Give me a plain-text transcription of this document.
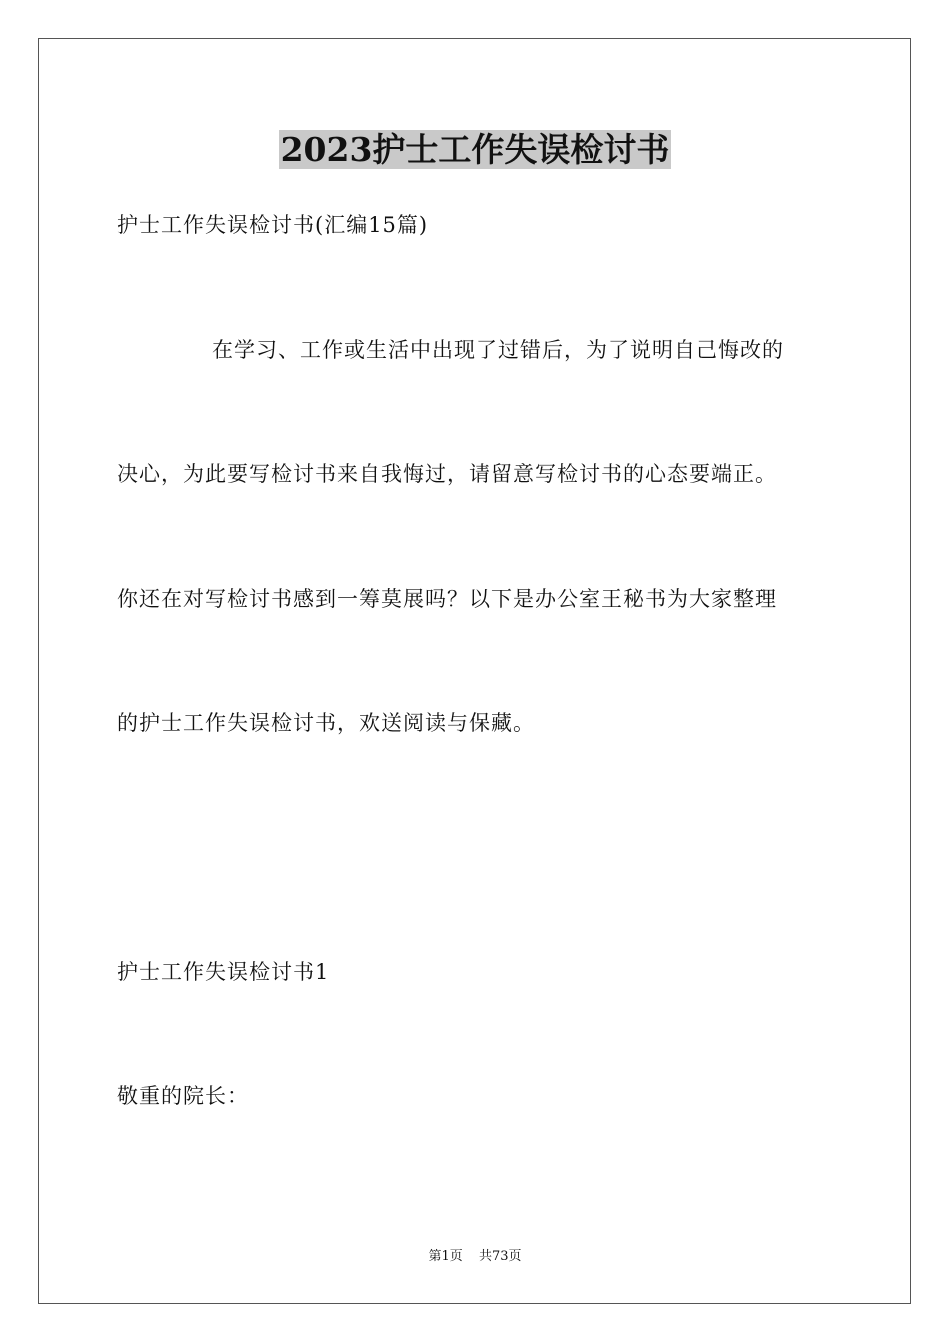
2023护士工作失误检讨书

护士工作失误检讨书(汇编15篇)

在学习、工作或生活中出现了过错后，为了说明自己悔改的

决心，为此要写检讨书来自我悔过，请留意写检讨书的心态要端正。

你还在对写检讨书感到一筹莫展吗？以下是办公室王秘书为大家整理

的护士工作失误检讨书，欢送阅读与保藏。

护士工作失误检讨书1

敬重的院长：

第1页 共73页
